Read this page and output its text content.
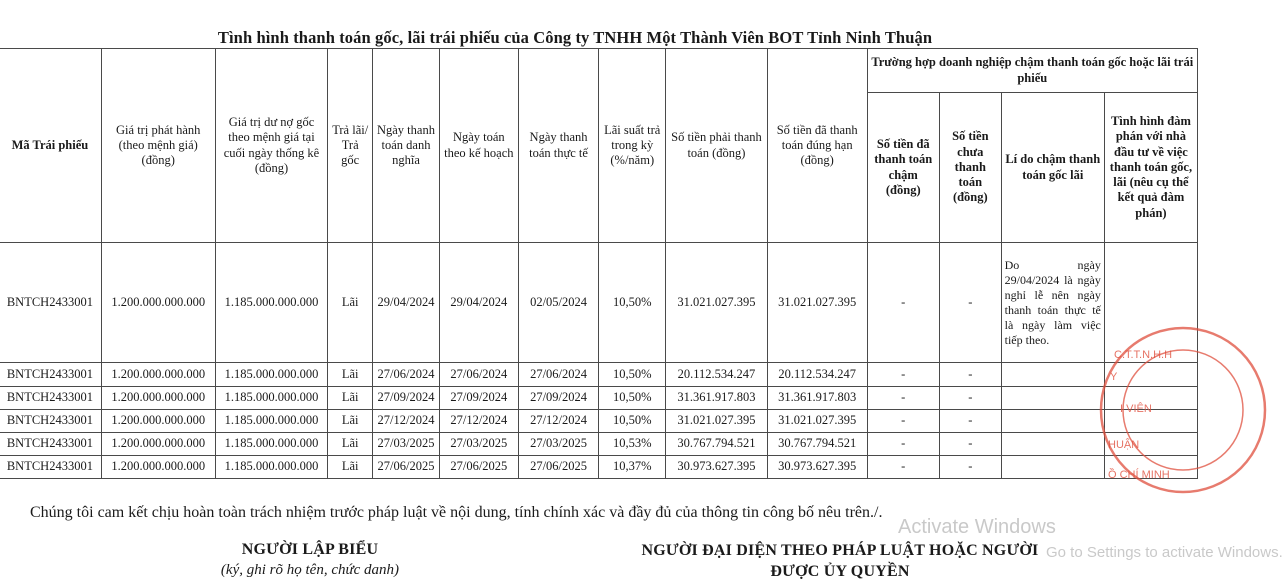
Tình hình thanh toán gốc, lãi trái phiếu của Công ty TNHH Một Thành Viên BOT Tỉnh Ninh Thuận
Mã Trái phiếu	Giá trị phát hành (theo mệnh giá) (đồng)	Giá trị dư nợ gốc theo mệnh giá tại cuối ngày thống kê (đồng)	Trả lãi/ Trả gốc	Ngày thanh toán danh nghĩa	Ngày toán theo kế hoạch	Ngày thanh toán thực tế	Lãi suất trả trong kỳ (%/năm)	Số tiền phải thanh toán (đồng)	Số tiền đã thanh toán đúng hạn (đồng)	Trường hợp doanh nghiệp chậm thanh toán gốc hoặc lãi trái phiếu			
										Số tiền đã thanh toán chậm (đồng)	Số tiền chưa thanh toán (đồng)	Lí do chậm thanh toán gốc lãi	Tình hình đàm phán với nhà đầu tư về việc thanh toán gốc, lãi (nêu cụ thể kết quả đàm phán)
BNTCH2433001	1.200.000.000.000	1.185.000.000.000	Lãi	29/04/2024	29/04/2024	02/05/2024	10,50%	31.021.027.395	31.021.027.395	-	-	Do ngày 29/04/2024 là ngày nghỉ lễ nên ngày thanh toán thực tế là ngày làm việc tiếp theo.	

BNTCH2433001	1.200.000.000.000	1.185.000.000.000	Lãi	27/06/2024	27/06/2024	27/06/2024	10,50%	20.112.534.247	20.112.534.247	-	-		
BNTCH2433001	1.200.000.000.000	1.185.000.000.000	Lãi	27/09/2024	27/09/2024	27/09/2024	10,50%	31.361.917.803	31.361.917.803	-	-		
BNTCH2433001	1.200.000.000.000	1.185.000.000.000	Lãi	27/12/2024	27/12/2024	27/12/2024	10,50%	31.021.027.395	31.021.027.395	-	-		
BNTCH2433001	1.200.000.000.000	1.185.000.000.000	Lãi	27/03/2025	27/03/2025	27/03/2025	10,53%	30.767.794.521	30.767.794.521	-	-		
BNTCH2433001	1.200.000.000.000	1.185.000.000.000	Lãi	27/06/2025	27/06/2025	27/06/2025	10,37%	30.973.627.395	30.973.627.395	-	-		
C.T.T.N.H.H
Y
I VIÊN
HUẬN
Ồ CHÍ MINH
Chúng tôi cam kết chịu hoàn toàn trách nhiệm trước pháp luật về nội dung, tính chính xác và đầy đủ của thông tin công bố nêu trên./.
NGƯỜI LẬP BIỂU
(ký, ghi rõ họ tên, chức danh)
NGƯỜI ĐẠI DIỆN THEO PHÁP LUẬT HOẶC NGƯỜI ĐƯỢC ỦY QUYỀN
Activate Windows
Go to Settings to activate Windows.
